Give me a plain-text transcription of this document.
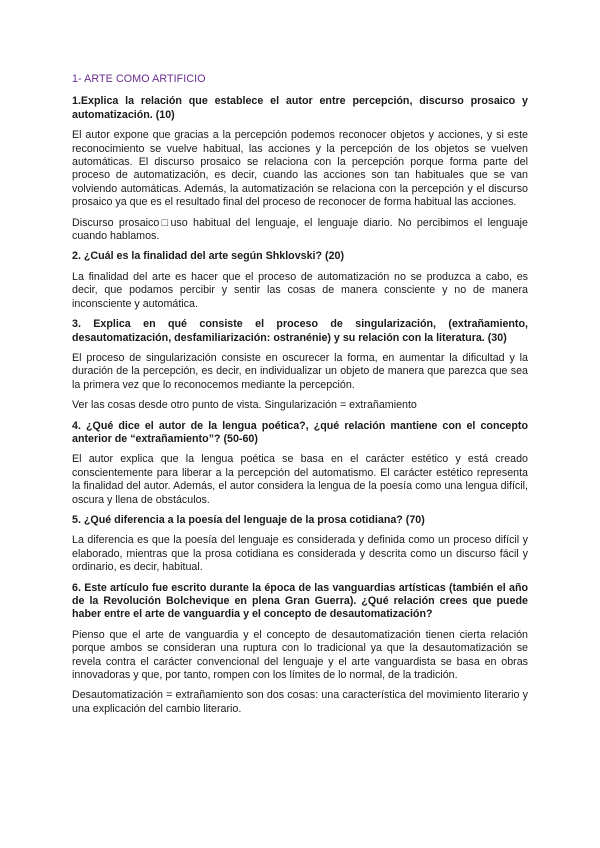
1- ARTE COMO ARTIFICIO
1.Explica la relación que establece el autor entre percepción, discurso prosaico y automatización. (10)
El autor expone que gracias a la percepción podemos reconocer objetos y acciones, y si este reconocimiento se vuelve habitual, las acciones y la percepción de los objetos se vuelven automáticas. El discurso prosaico se relaciona con la percepción porque forma parte del proceso de automatización, es decir, cuando las acciones son tan habituales que se van volviendo automáticas. Además, la automatización se relaciona con la percepción y el discurso prosaico ya que es el resultado final del proceso de reconocer de forma habitual las acciones.
Discurso prosaico□uso habitual del lenguaje, el lenguaje diario. No percibimos el lenguaje cuando hablamos.
2. ¿Cuál es la finalidad del arte según Shklovski? (20)
La finalidad del arte es hacer que el proceso de automatización no se produzca a cabo, es decir, que podamos percibir y sentir las cosas de manera consciente y no de manera inconsciente y automática.
3. Explica en qué consiste el proceso de singularización, (extrañamiento, desautomatización, desfamiliarización: ostranénie) y su relación con la literatura. (30)
El proceso de singularización consiste en oscurecer la forma, en aumentar la dificultad y la duración de la percepción, es decir, en individualizar un objeto de manera que parezca que sea la primera vez que lo reconocemos mediante la percepción.
Ver las cosas desde otro punto de vista. Singularización = extrañamiento
4. ¿Qué dice el autor de la lengua poética?, ¿qué relación mantiene con el concepto anterior de “extrañamiento”? (50-60)
El autor explica que la lengua poética se basa en el carácter estético y está creado conscientemente para liberar a la percepción del automatismo. El carácter estético representa la finalidad del autor. Además, el autor considera la lengua de la poesía como una lengua difícil, oscura y llena de obstáculos.
5. ¿Qué diferencia a la poesía del lenguaje de la prosa cotidiana? (70)
La diferencia es que la poesía del lenguaje es considerada y definida como un proceso difícil y elaborado, mientras que la prosa cotidiana es considerada y descrita como un discurso fácil y ordinario, es decir, habitual.
6. Este artículo fue escrito durante la época de las vanguardias artísticas (también el año de la Revolución Bolchevique en plena Gran Guerra). ¿Qué relación crees que puede haber entre el arte de vanguardia y el concepto de desautomatización?
Pienso que el arte de vanguardia y el concepto de desautomatización tienen cierta relación porque ambos se consideran una ruptura con lo tradicional ya que la desautomatización se revela contra el carácter convencional del lenguaje y el arte vanguardista se basa en obras innovadoras y que, por tanto, rompen con los límites de lo normal, de la tradición.
Desautomatización = extrañamiento son dos cosas: una característica del movimiento literario y una explicación del cambio literario.
